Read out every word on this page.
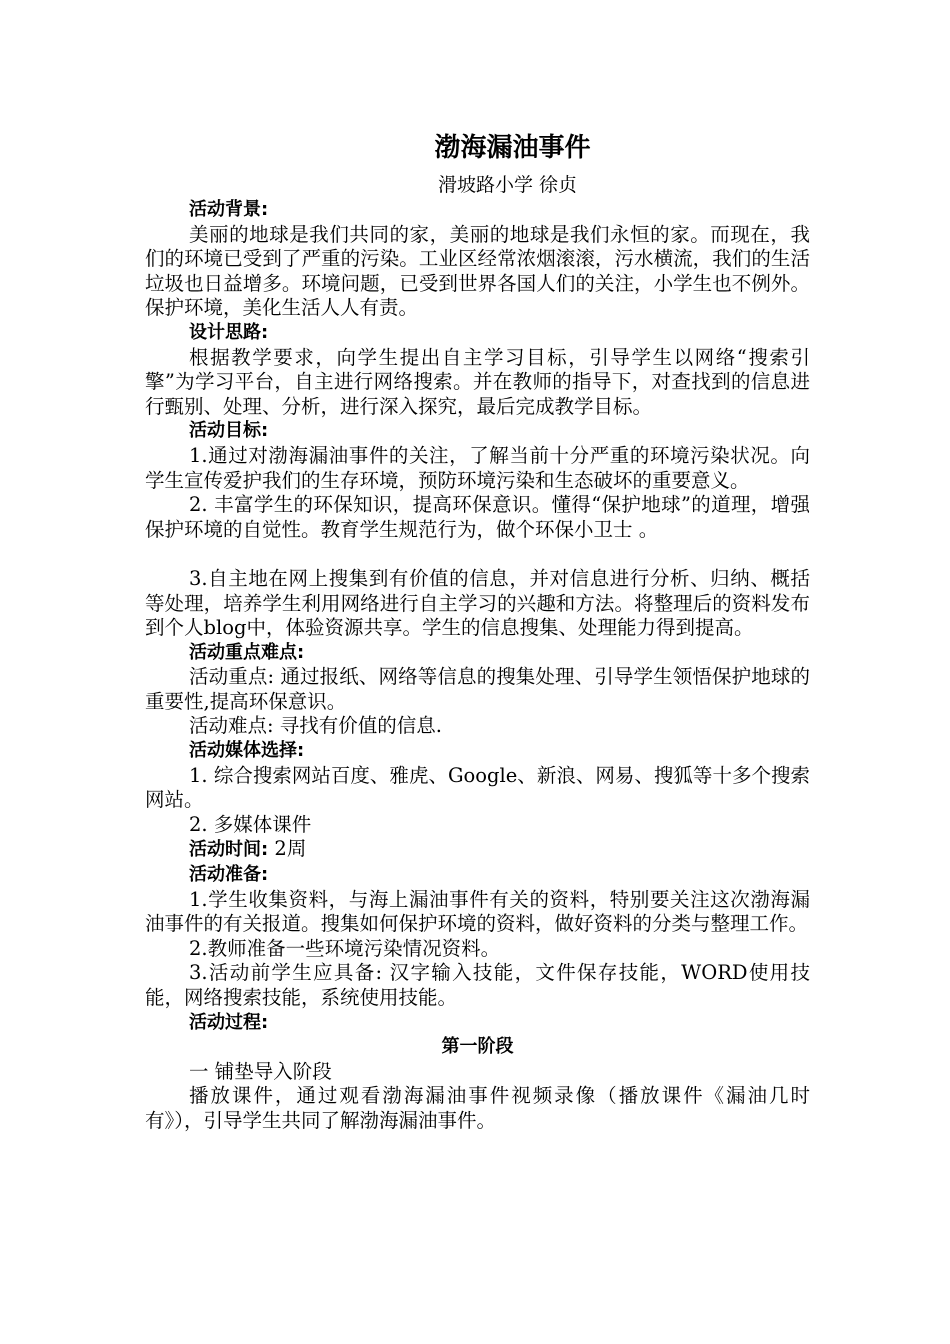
渤海漏油事件
滑坡路小学 徐贞
活动背景:

美丽的地球是我们共同的家，美丽的地球是我们永恒的家。而现在，我们的环境已受到了严重的污染。工业区经常浓烟滚滚，污水横流，我们的生活垃圾也日益增多。环境问题，已受到世界各国人们的关注，小学生也不例外。保护环境，美化生活人人有责。

设计思路:

根据教学要求，向学生提出自主学习目标，引导学生以网络“搜索引擎”为学习平台，自主进行网络搜索。并在教师的指导下，对查找到的信息进行甄别、处理、分析，进行深入探究，最后完成教学目标。

活动目标:

1.通过对渤海漏油事件的关注，了解当前十分严重的环境污染状况。向学生宣传爱护我们的生存环境，预防环境污染和生态破坏的重要意义。

2. 丰富学生的环保知识，提高环保意识。懂得“保护地球”的道理，增强保护环境的自觉性。教育学生规范行为，做个环保小卫士 。

3.自主地在网上搜集到有价值的信息，并对信息进行分析、归纳、概括等处理，培养学生利用网络进行自主学习的兴趣和方法。将整理后的资料发布到个人blog中，体验资源共享。学生的信息搜集、处理能力得到提高。

活动重点难点:

活动重点: 通过报纸、网络等信息的搜集处理、引导学生领悟保护地球的重要性,提高环保意识。

活动难点: 寻找有价值的信息.

活动媒体选择:

1. 综合搜索网站百度、雅虎、Google、新浪、网易、搜狐等十多个搜索网站。

2. 多媒体课件

活动时间: 2周
活动准备:

1.学生收集资料，与海上漏油事件有关的资料，特别要关注这次渤海漏油事件的有关报道。搜集如何保护环境的资料，做好资料的分类与整理工作。

2.教师准备一些环境污染情况资料。

3.活动前学生应具备: 汉字输入技能，文件保存技能，WORD使用技能，网络搜索技能，系统使用技能。

活动过程:
第一阶段

一 铺垫导入阶段

播放课件，通过观看渤海漏油事件视频录像（播放课件《漏油几时有》），引导学生共同了解渤海漏油事件。
